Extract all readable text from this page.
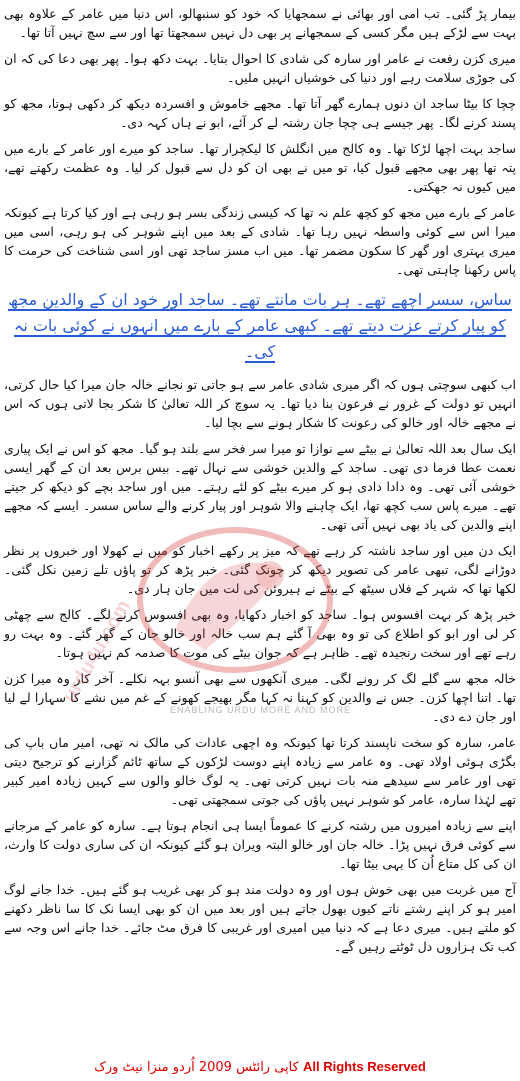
بیمار پڑ گئی۔ تب امی اور بھائی نے سمجھایا کہ خود کو سنبھالو، اس دنیا میں عامر کے علاوہ بھی بہت سے لڑکے ہیں مگر کسی کے سمجھانے پر بھی دل نہیں سمجھتا تھا اور سے سچ نہیں آتا تھا۔

میری کزن رفعت نے عامر اور سارہ کی شادی کا احوال بتایا۔ بہت دکھ ہوا۔ پھر بھی دعا کی کہ ان کی جوڑی سلامت رہے اور دنیا کی خوشیاں انہیں ملیں۔

چچا کا بیٹا ساجد ان دنوں ہمارے گھر آتا تھا۔ مجھے خاموش و افسردہ دیکھ کر دکھی ہوتا، مجھ کو پسند کرنے لگا۔ پھر جیسے ہی چچا جان رشتہ لے کر آئے، ابو نے ہاں کہہ دی۔

ساجد بہت اچھا لڑکا تھا۔ وہ کالج میں انگلش کا لیکچرار تھا۔ ساجد کو میرے اور عامر کے بارے میں پتہ تھا پھر بھی مجھے قبول کیا، تو میں نے بھی ان کو دل سے قبول کر لیا۔ وہ عظمت رکھتے تھے، میں کیوں نہ جھکتی۔

عامر کے بارے میں مجھ کو کچھ علم نہ تھا کہ کیسی زندگی بسر ہو رہی ہے اور کیا کرتا ہے کیونکہ میرا اس سے کوئی واسطہ نہیں رہا تھا۔ شادی کے بعد میں اپنے شوہر کی ہو رہی، اسی میں میری بہتری اور گھر کا سکون مضمر تھا۔ میں اب مسز ساجد تھی اور اسی شناخت کی حرمت کا پاس رکھنا چاہتی تھی۔

ساس، سسر اچھے تھے۔ ہر بات مانتے تھے۔ ساجد اور خود ان کے والدین مجھ کو پیار کرتے عزت دیتے تھے۔ کبھی عامر کے بارے میں انہوں نے کوئی بات نہ کی۔

اب کبھی سوچتی ہوں کہ اگر میری شادی عامر سے ہو جاتی تو نجانے خالہ جان میرا کیا حال کرتی، انہیں تو دولت کے غرور نے فرعون بنا دیا تھا۔ یہ سوچ کر اللہ تعالیٰ کا شکر بجا لاتی ہوں کہ اس نے مجھے خالہ اور خالو کی رعونت کا شکار ہونے سے بچا لیا۔

ایک سال بعد اللہ تعالیٰ نے بیٹے سے نوازا تو میرا سر فخر سے بلند ہو گیا۔ مجھ کو اس نے ایک پیاری نعمت عطا فرما دی تھی۔ ساجد کے والدین خوشی سے نہال تھے۔ بیس برس بعد ان کے گھر ایسی خوشی آئی تھی۔ وہ دادا دادی ہو کر میرے بیٹے کو لئے رہتے۔ میں اور ساجد بچے کو دیکھ کر جیتے تھے۔ میرے پاس سب کچھ تھا، ایک چاہنے والا شوہر اور پیار کرنے والے ساس سسر۔ ایسے کہ مجھے اپنے والدین کی یاد بھی نہیں آتی تھی۔

ایک دن میں اور ساجد ناشتہ کر رہے تھے کہ میز پر رکھے اخبار کو میں نے کھولا اور خبروں پر نظر دوڑانے لگی، تبھی عامر کی تصویر دیکھ کر چونک گئی۔ خبر پڑھ کر تو پاؤں تلے زمین نکل گئی۔ لکھا تھا کہ شہر کے فلاں سیٹھ کے بیٹے نے ہیروئن کی لت میں جان ہار دی۔

خبر پڑھ کر بہت افسوس ہوا۔ ساجد کو اخبار دکھایا، وہ بھی افسوس کرنے لگے۔ کالج سے چھٹی کر لی اور ابو کو اطلاع کی تو وہ بھی آ گئے ہم سب خالہ اور خالو جان کے گھر گئے۔ وہ بہت رو رہے تھے اور سخت رنجیدہ تھے۔ ظاہر ہے کہ جوان بیٹے کی موت کا صدمہ کم نہیں ہوتا۔

خالہ مجھ سے گلے لگ کر رونے لگی۔ میری آنکھوں سے بھی آنسو بہہ نکلے۔ آخر کار وہ میرا کزن تھا۔ اتنا اچھا کزن۔ جس نے والدین کو کہنا نہ کہا مگر بھیجے کھونے کے غم میں نشے کا سہارا لے لیا اور جان دے دی۔

عامر، سارہ کو سخت ناپسند کرتا تھا کیونکہ وہ اچھی عادات کی مالک نہ تھی، امیر ماں باپ کی بگڑی ہوئی اولاد تھی۔ وہ عامر سے زیادہ اپنے دوست لڑکوں کے ساتھ ٹائم گزارنے کو ترجیح دیتی تھی اور عامر سے سیدھے منہ بات نہیں کرتی تھی۔ یہ لوگ خالو والوں سے کہیں زیادہ امیر کبیر تھے لہٰذا سارہ، عامر کو شوہر نہیں پاؤں کی جوتی سمجھتی تھی۔

اپنے سے زیادہ امیروں میں رشتہ کرنے کا عموماً ایسا ہی انجام ہوتا ہے۔ سارہ کو عامر کے مرجانے سے کوئی فرق نہیں پڑا۔ خالہ جان اور خالو البتہ ویران ہو گئے کیونکہ ان کی ساری دولت کا وارث، ان کی کل متاع اُن کا یہی بیٹا تھا۔

آج میں غربت میں بھی خوش ہوں اور وہ دولت مند ہو کر بھی غریب ہو گئے ہیں۔ خدا جانے لوگ امیر ہو کر اپنے رشتے ناتے کیوں بھول جاتے ہیں اور بعد میں ان کو بھی ایسا نک کا سا ناظر دکھنے کو ملتے ہیں۔ میری دعا ہے کہ دنیا میں امیری اور غریبی کا فرق مٹ جائے۔ خدا جانے اس وجہ سے کب تک ہزاروں دل ٹوٹتے رہیں گے۔

urdu4u.com
ENABLING URDU MORE AND MORE
کاپی رائٹس 2009 اُردو منزا نیٹ ورک All Rights Reserved
